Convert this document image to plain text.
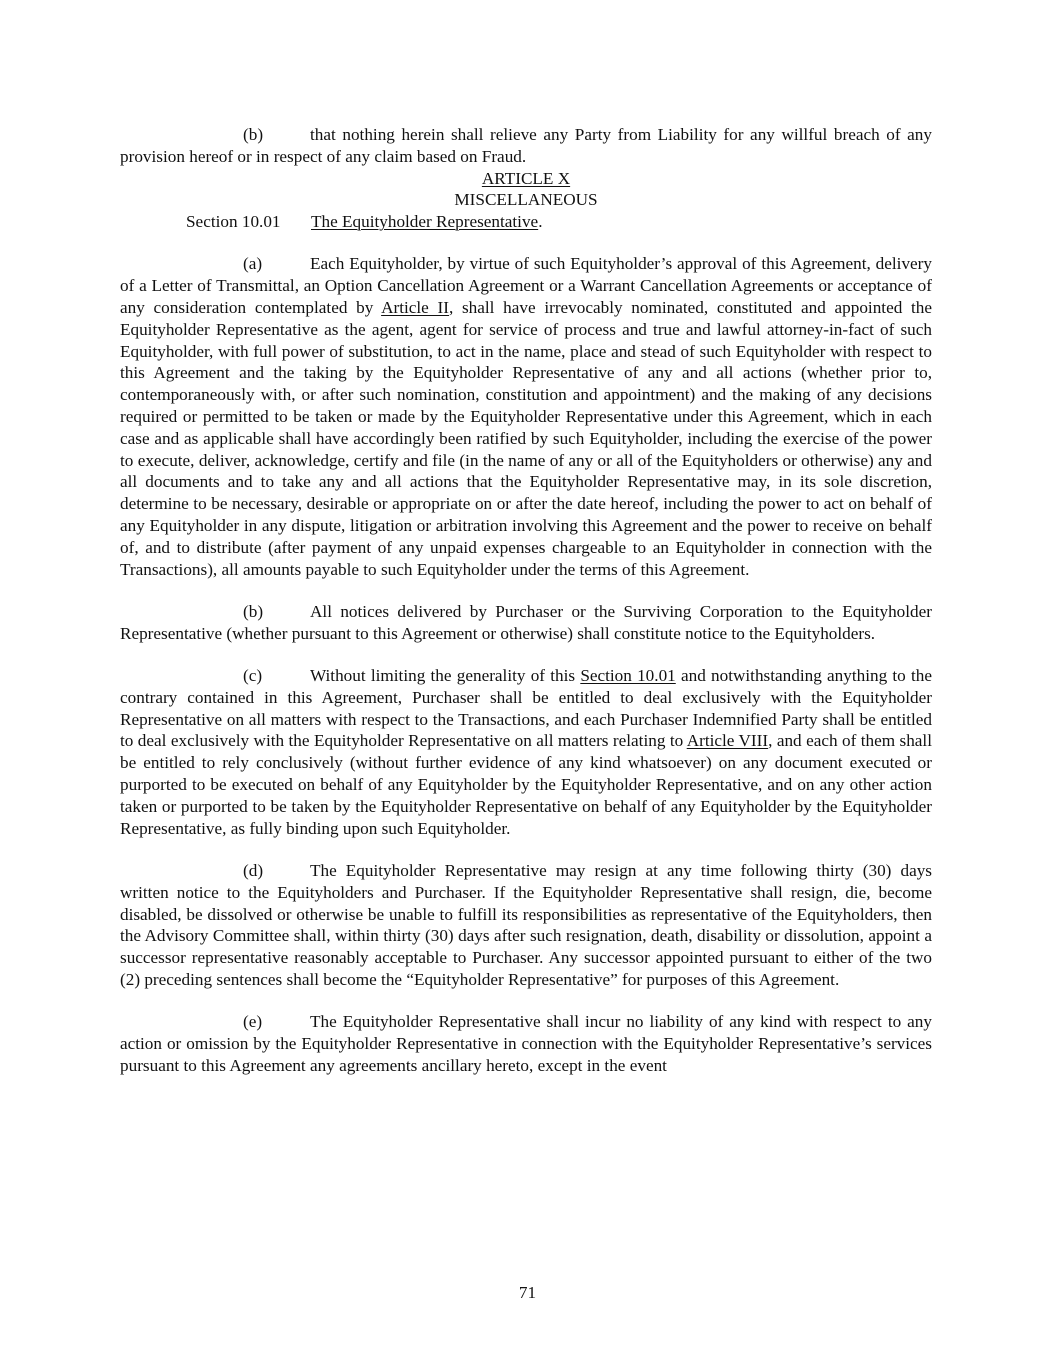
(b)	that nothing herein shall relieve any Party from Liability for any willful breach of any provision hereof or in respect of any claim based on Fraud.

ARTICLE X

MISCELLANEOUS

Section 10.01 The Equityholder Representative.

(a)	Each Equityholder, by virtue of such Equityholder’s approval of this Agreement, delivery of a Letter of Transmittal, an Option Cancellation Agreement or a Warrant Cancellation Agreements or acceptance of any consideration contemplated by Article II, shall have irrevocably nominated, constituted and appointed the Equityholder Representative as the agent, agent for service of process and true and lawful attorney-in-fact of such Equityholder, with full power of substitution, to act in the name, place and stead of such Equityholder with respect to this Agreement and the taking by the Equityholder Representative of any and all actions (whether prior to, contemporaneously with, or after such nomination, constitution and appointment) and the making of any decisions required or permitted to be taken or made by the Equityholder Representative under this Agreement, which in each case and as applicable shall have accordingly been ratified by such Equityholder, including the exercise of the power to execute, deliver, acknowledge, certify and file (in the name of any or all of the Equityholders or otherwise) any and all documents and to take any and all actions that the Equityholder Representative may, in its sole discretion, determine to be necessary, desirable or appropriate on or after the date hereof, including the power to act on behalf of any Equityholder in any dispute, litigation or arbitration involving this Agreement and the power to receive on behalf of, and to distribute (after payment of any unpaid expenses chargeable to an Equityholder in connection with the Transactions), all amounts payable to such Equityholder under the terms of this Agreement.

(b)	All notices delivered by Purchaser or the Surviving Corporation to the Equityholder Representative (whether pursuant to this Agreement or otherwise) shall constitute notice to the Equityholders.

(c)	Without limiting the generality of this Section 10.01 and notwithstanding anything to the contrary contained in this Agreement, Purchaser shall be entitled to deal exclusively with the Equityholder Representative on all matters with respect to the Transactions, and each Purchaser Indemnified Party shall be entitled to deal exclusively with the Equityholder Representative on all matters relating to Article VIII, and each of them shall be entitled to rely conclusively (without further evidence of any kind whatsoever) on any document executed or purported to be executed on behalf of any Equityholder by the Equityholder Representative, and on any other action taken or purported to be taken by the Equityholder Representative on behalf of any Equityholder by the Equityholder Representative, as fully binding upon such Equityholder.

(d)	The Equityholder Representative may resign at any time following thirty (30) days written notice to the Equityholders and Purchaser. If the Equityholder Representative shall resign, die, become disabled, be dissolved or otherwise be unable to fulfill its responsibilities as representative of the Equityholders, then the Advisory Committee shall, within thirty (30) days after such resignation, death, disability or dissolution, appoint a successor representative reasonably acceptable to Purchaser. Any successor appointed pursuant to either of the two (2) preceding sentences shall become the “Equityholder Representative” for purposes of this Agreement.

(e)	The Equityholder Representative shall incur no liability of any kind with respect to any action or omission by the Equityholder Representative in connection with the Equityholder Representative’s services pursuant to this Agreement any agreements ancillary hereto, except in the event

71
